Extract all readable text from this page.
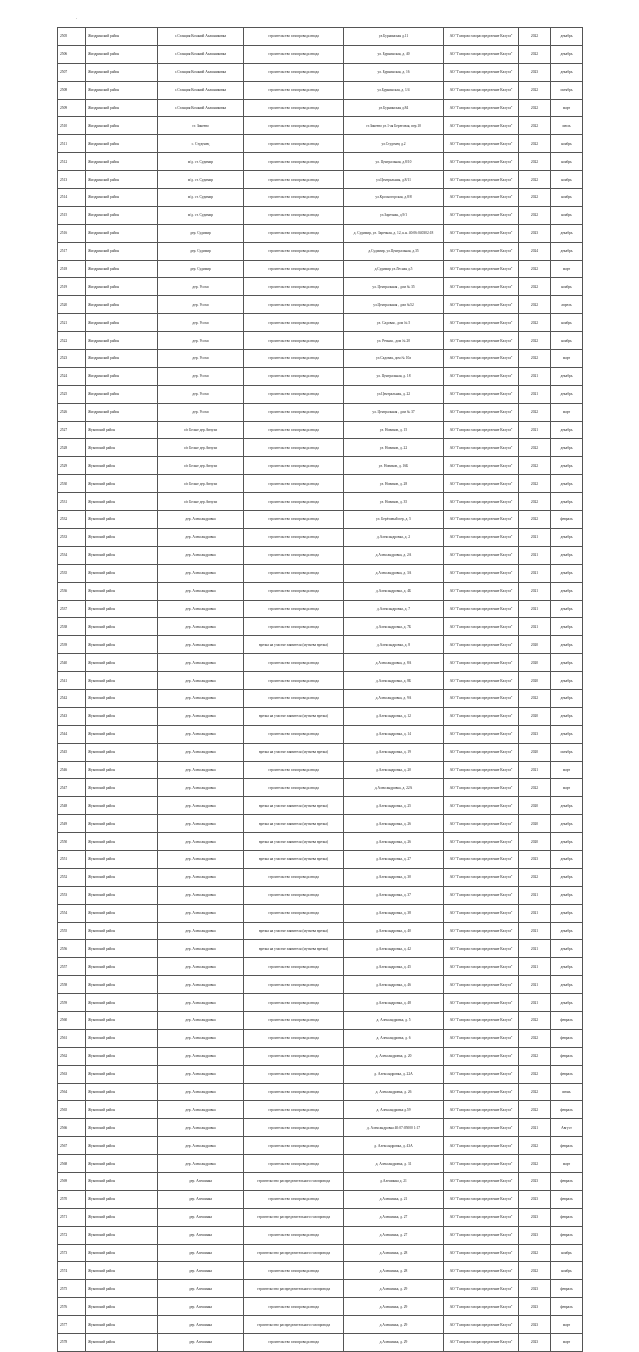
'
2505	Жиздринский район	с.Станция Коханий Ахашниковка	строительство газопровода ввода	ул.Бурнинская д.11	АО "Газпром газораспределение Калуга"	2022	декабрь
2506	Жиздринский район	с.Станция Коханий Ахашниковка	строительство газопровода ввода	ул. Бурнинская, д. 40	АО "Газпром газораспределение Калуга"	2022	декабрь
2507	Жиздринский район	с.Станция Коханий Ахашниковка	строительство газопровода ввода	ул. Бурнинская, д. 16	АО "Газпром газораспределение Калуга"	2023	декабрь
2508	Жиздринский район	с.Станция Коханий Ахашниковка	строительство газопровода ввода	ул.Бурнинская, д. 1/4	АО "Газпром газораспределение Калуга"	2022	октябрь
2509	Жиздринский район	с.Станция Коханий Ахашниковка	строительство газопровода ввода	ул.Бурнинская д.84	АО "Газпром газораспределение Калуга"	2022	март
2510	Жиздринский район	ст. Зикеево	строительство газопровода ввода	ст.Зикеево ул.1-ая Береговая, пер.10	АО "Газпром газораспределение Калуга"	2022	июль
2511	Жиздринский район	с. Студенец	строительство газопровода ввода	ул.Студенец д.2	АО "Газпром газораспределение Калуга"	2022	ноябрь
2512	Жиздринский район	м/д. ст. Судимир	строительство газопровода ввода	ул. Центральная, д.8/10	АО "Газпром газораспределение Калуга"	2022	ноябрь
2513	Жиздринский район	м/д. ст. Судимир	строительство газопровода ввода	ул.Центральная, д.8/11	АО "Газпром газораспределение Калуга"	2022	ноябрь
2514	Жиздринский район	м/д. ст. Судимир	строительство газопровода ввода	ул.Кросногорская, д.8/8	АО "Газпром газораспределение Калуга"	2022	ноябрь
2515	Жиздринский район	м/д. ст. Судимир	строительство газопровода ввода	ул.Заречная, д.9/1	АО "Газпром газораспределение Калуга"	2022	ноябрь
2516	Жиздринский район	дер. Судимир	строительство газопровода ввода	д. Судимир, ул. Заречная, д. 12, к.н. 40:06:040302:18	АО "Газпром газораспределение Калуга"	2023	декабрь
2517	Жиздринский район	дер. Судимир	строительство газопровода ввода	д.Судимир, ул.Центральная, д.35	АО "Газпром газораспределение Калуга"	2024	декабрь
2518	Жиздринский район	дер. Судимир	строительство газопровода ввода	д.Судимир ул.Лесная д.5	АО "Газпром газораспределение Калуга"	2022	март
2519	Жиздринский район	дер. Усохи	строительство газопровода ввода	ул. Центральная , дом № 35	АО "Газпром газораспределение Калуга"	2022	ноябрь
2520	Жиздринский район	дер. Усохи	строительство газопровода ввода	ул.Центральная , дом №52	АО "Газпром газораспределение Калуга"	2022	апрель
2521	Жиздринский район	дер. Усохи	строительство газопровода ввода	ул. Садовая , дом № 5	АО "Газпром газораспределение Калуга"	2022	ноябрь
2522	Жиздринский район	дер. Усохи	строительство газопровода ввода	ул. Речная , дом № 20	АО "Газпром газораспределение Калуга"	2022	ноябрь
2523	Жиздринский район	дер. Усохи	строительство газопровода ввода	ул.Садовая, дом № 10а	АО "Газпром газораспределение Калуга"	2022	март
2524	Жиздринский район	дер. Усохи	строительство газопровода ввода	ул. Центральная, д. 18	АО "Газпром газораспределение Калуга"	2021	декабрь
2525	Жиздринский район	дер. Усохи	строительство газопровода ввода	ул.Центральная, д. 22	АО "Газпром газораспределение Калуга"	2021	декабрь
2526	Жиздринский район	дер. Усохи	строительство газопровода ввода	ул. Центральная , дом № 37	АО "Газпром газораспределение Калуга"	2022	март
2527	Жуковский район	с/п Белые дер.Авчухи	строительство газопровода ввода	ул. Новиков, д. 15	АО "Газпром газораспределение Калуга"	2021	декабрь
2528	Жуковский район	с/п Белые дер.Авчухи	строительство газопровода ввода	ул. Новиков, д. 22	АО "Газпром газораспределение Калуга"	2022	декабрь
2529	Жуковский район	с/п Белые дер.Авчухи	строительство газопровода ввода	ул. Новиков, д. 16Б	АО "Газпром газораспределение Калуга"	2022	декабрь
2530	Жуковский район	с/п Белые дер.Авчухи	строительство газопровода ввода	ул. Новиков, д. 28	АО "Газпром газораспределение Калуга"	2022	декабрь
2531	Жуковский район	с/п Белые дер.Авчухи	строительство газопровода ввода	ул. Новиков, д. 35	АО "Газпром газораспределение Калуга"	2022	декабрь
2532	Жуковский район	дер. Александровка	строительство газопровода ввода	ул. Берёзовый пер, д. 5	АО "Газпром газораспределение Калуга"	2022	февраль
2533	Жуковский район	дер. Александровка	строительство газопровода ввода	д.Александровка, д. 2	АО "Газпром газораспределение Калуга"	2021	декабрь
2534	Жуковский район	дер. Александровка	строительство газопровода ввода	д.Александровка, д. 2А	АО "Газпром газораспределение Калуга"	2021	декабрь
2535	Жуковский район	дер. Александровка	строительство газопровода ввода	д.Александровка, д. 3А	АО "Газпром газораспределение Калуга"	2021	декабрь
2536	Жуковский район	дер. Александровка	строительство газопровода ввода	д.Александровка, д. 4Б	АО "Газпром газораспределение Калуга"	2021	декабрь
2537	Жуковский район	дер. Александровка	строительство газопровода ввода	д.Александровка, д. 7	АО "Газпром газораспределение Калуга"	2021	декабрь
2538	Жуковский район	дер. Александровка	строительство газопровода ввода	д.Александровка, д. 7Б	АО "Газпром газораспределение Калуга"	2021	декабрь
2539	Жуковский район	дер. Александровка	врезка на участке заявителя (мутнева врезка)	д.Александровка, д. 8	АО "Газпром газораспределение Калуга"	2020	декабрь
2540	Жуковский район	дер. Александровка	строительство газопровода ввода	д.Александровка, д. 8А	АО "Газпром газораспределение Калуга"	2020	декабрь
2541	Жуковский район	дер. Александровка	строительство газопровода ввода	д.Александровка, д. 8Б	АО "Газпром газораспределение Калуга"	2020	декабрь
2542	Жуковский район	дер. Александровка	строительство газопровода ввода	д.Александровка, д. 9А	АО "Газпром газораспределение Калуга"	2022	декабрь
2543	Жуковский район	дер. Александровка	врезка на участке заявителя (мутнева врезка)	д.Александровка, д. 12	АО "Газпром газораспределение Калуга"	2020	декабрь
2544	Жуковский район	дер. Александровка	строительство газопровода ввода	д.Александровка, д. 14	АО "Газпром газораспределение Калуга"	2023	декабрь
2545	Жуковский район	дер. Александровка	врезка на участке заявителя (мутнева врезка)	д.Александровка, д. 19	АО "Газпром газораспределение Калуга"	2020	октябрь
2546	Жуковский район	дер. Александровка	строительство газопровода ввода	д.Александровка, д. 20	АО "Газпром газораспределение Калуга"	2021	март
2547	Жуковский район	дер. Александровка	строительство газопровода ввода	д.Александровка, д. 22А	АО "Газпром газораспределение Калуга"	2022	март
2548	Жуковский район	дер. Александровка	врезка на участке заявителя (мутнева врезка)	д.Александровка, д. 25	АО "Газпром газораспределение Калуга"	2020	декабрь
2549	Жуковский район	дер. Александровка	врезка на участке заявителя (мутнева врезка)	д.Александровка, д. 26	АО "Газпром газораспределение Калуга"	2020	декабрь
2550	Жуковский район	дер. Александровка	врезка на участке заявителя (мутнева врезка)	д.Александровка, д. 26	АО "Газпром газораспределение Калуга"	2020	декабрь
2551	Жуковский район	дер. Александровка	врезка на участке заявителя (мутнева врезка)	д.Александровка, д. 27	АО "Газпром газораспределение Калуга"	2023	декабрь
2552	Жуковский район	дер. Александровка	строительство газопровода ввода	д.Александровка, д. 30	АО "Газпром газораспределение Калуга"	2022	декабрь
2553	Жуковский район	дер. Александровка	строительство газопровода ввода	д.Александровка, д. 37	АО "Газпром газораспределение Калуга"	2021	декабрь
2554	Жуковский район	дер. Александровка	строительство газопровода ввода	д.Александровка, д. 38	АО "Газпром газораспределение Калуга"	2021	декабрь
2555	Жуковский район	дер. Александровка	врезка на участке заявителя (мутнева врезка)	д.Александровка, д. 40	АО "Газпром газораспределение Калуга"	2021	декабрь
2556	Жуковский район	дер. Александровка	врезка на участке заявителя (мутнева врезка)	д.Александровка, д. 42	АО "Газпром газораспределение Калуга"	2021	декабрь
2557	Жуковский район	дер. Александровка	строительство газопровода ввода	д.Александровка, д. 45	АО "Газпром газораспределение Калуга"	2021	декабрь
2558	Жуковский район	дер. Александровка	строительство газопровода ввода	д.Александровка, д. 46	АО "Газпром газораспределение Калуга"	2021	декабрь
2559	Жуковский район	дер. Александровка	строительство газопровода ввода	д.Александровка, д. 48	АО "Газпром газораспределение Калуга"	2021	декабрь
2560	Жуковский район	дер. Александровка	строительство газопровода ввода	д. Александровка, д. 5	АО "Газпром газораспределение Калуга"	2022	февраль
2561	Жуковский район	дер. Александровка	строительство газопровода ввода	д. Александровка, д. 6	АО "Газпром газораспределение Калуга"	2022	февраль
2562	Жуковский район	дер. Александровка	строительство газопровода ввода	д. Александровка, д. 20	АО "Газпром газораспределение Калуга"	2022	февраль
2563	Жуковский район	дер. Александровка	строительство газопровода ввода	д. Александровка, д. 22А	АО "Газпром газораспределение Калуга"	2022	февраль
2564	Жуковский район	дер. Александровка	строительство газопровода ввода	д. Александровка, д. 26	АО "Газпром газораспределение Калуга"	2022	июнь
2565	Жуковский район	дер. Александровка	строительство газопровода ввода	д. Александровка д.59	АО "Газпром газораспределение Калуга"	2022	февраль
2566	Жуковский район	дер. Александровка	строительство газопровода ввода	д. Александровка 40:07:05000 1:17	АО "Газпром газораспределение Калуга"	2021	Август
2567	Жуковский район	дер. Александровка	строительство газопровода ввода	д. Александровка, д. 43А	АО "Газпром газораспределение Калуга"	2022	февраль
2568	Жуковский район	дер. Александровка	строительство газопровода ввода	д. Александровка, д. 31	АО "Газпром газораспределение Калуга"	2022	март
2569	Жуковский район	дер. Алешинка	строительство распределительного газопровода	д.Алешинка д. 21	АО "Газпром газораспределение Калуга"	2023	февраль
2570	Жуковский район	дер. Алешинка	строительство газопровода ввода	д.Алешинка, д. 21	АО "Газпром газораспределение Калуга"	2023	февраль
2571	Жуковский район	дер. Алешинка	строительство распределительного газопровода	д.Алешинка, д. 27	АО "Газпром газораспределение Калуга"	2023	февраль
2572	Жуковский район	дер. Алешинка	строительство газопровода ввода	д.Алешинка, д. 27	АО "Газпром газораспределение Калуга"	2023	февраль
2573	Жуковский район	дер. Алешинка	строительство распределительного газопровода	д.Алешинка, д. 28	АО "Газпром газораспределение Калуга"	2022	ноябрь
2574	Жуковский район	дер. Алешинка	строительство газопровода ввода	д.Алешинка, д. 28	АО "Газпром газораспределение Калуга"	2022	ноябрь
2575	Жуковский район	дер. Алешинка	строительство распределительного газопровода	д.Алешинка, д. 29	АО "Газпром газораспределение Калуга"	2023	февраль
2576	Жуковский район	дер. Алешинка	строительство газопровода ввода	д.Алешинка, д. 29	АО "Газпром газораспределение Калуга"	2023	февраль
2577	Жуковский район	дер. Алешинка	строительство распределительного газопровода	д.Алешинка, д. 29	АО "Газпром газораспределение Калуга"	2023	март
2578	Жуковский район	дер. Алешинка	строительство газопровода ввода	д.Алешинка, д. 29	АО "Газпром газораспределение Калуга"	2023	март
